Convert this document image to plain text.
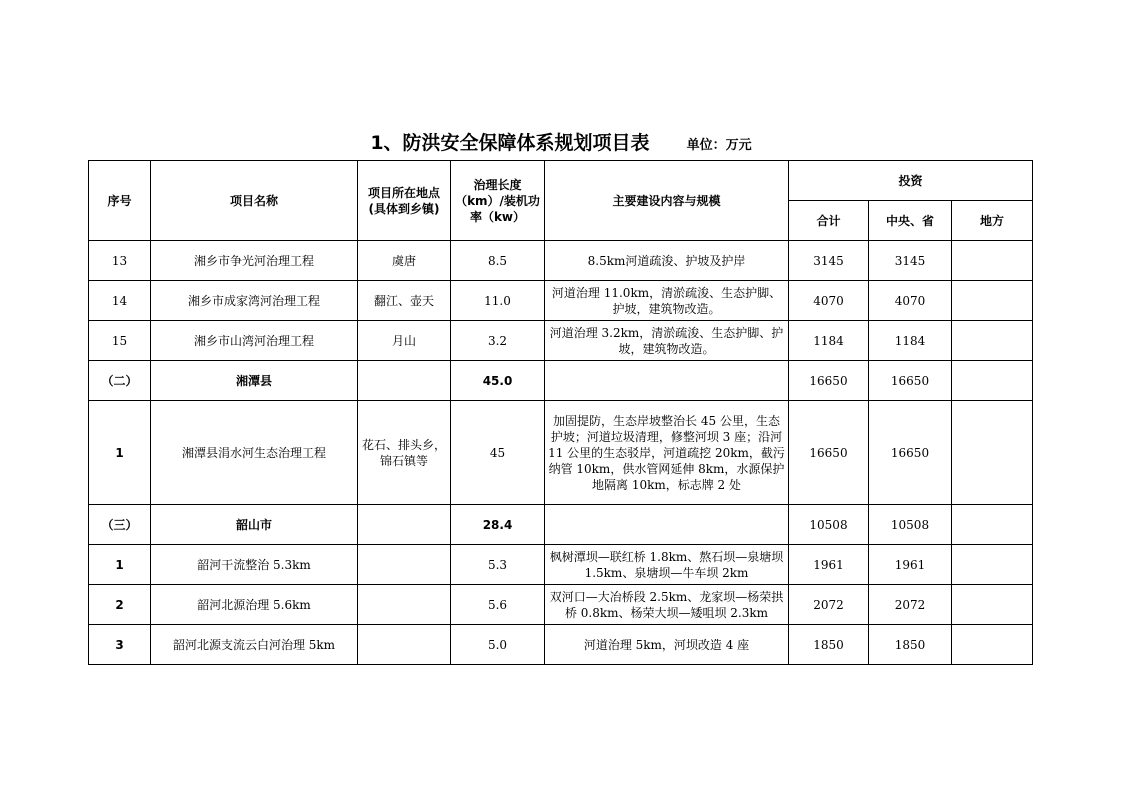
1、防洪安全保障体系规划项目表	单位：万元
序号	项目名称	项目所在地点(具体到乡镇)	治理长度（km）/装机功率（kw）	主要建设内容与规模	投资		
					合计	中央、省	地方
13	湘乡市争光河治理工程	虞唐	8.5	8.5km河道疏浚、护坡及护岸	3145	3145	
14	湘乡市成家湾河治理工程	翻江、壶天	11.0	河道治理 11.0km，清淤疏浚、生态护脚、护坡，建筑物改造。	4070	4070	
15	湘乡市山湾河治理工程	月山	3.2	河道治理 3.2km，清淤疏浚、生态护脚、护坡，建筑物改造。	1184	1184	
（二）	湘潭县		45.0		16650	16650	
1	湘潭县涓水河生态治理工程	花石、排头乡，锦石镇等	45	加固提防，生态岸坡整治长 45 公里，生态护坡；河道垃圾清理，修整河坝 3 座；沿河 11 公里的生态驳岸，河道疏挖 20km，截污纳管 10km，供水管网延伸 8km，水源保护地隔离 10km，标志牌 2 处	16650	16650	
（三）	韶山市		28.4		10508	10508	
1	韶河干流整治 5.3km		5.3	枫树潭坝—联红桥 1.8km、熬石坝—泉塘坝 1.5km、泉塘坝—牛车坝 2km	1961	1961	
2	韶河北源治理 5.6km		5.6	双河口—大冶桥段 2.5km、龙家坝—杨荣拱桥 0.8km、杨荣大坝—矮咀坝 2.3km	2072	2072	
3	韶河北源支流云白河治理 5km		5.0	河道治理 5km，河坝改造 4 座	1850	1850	
